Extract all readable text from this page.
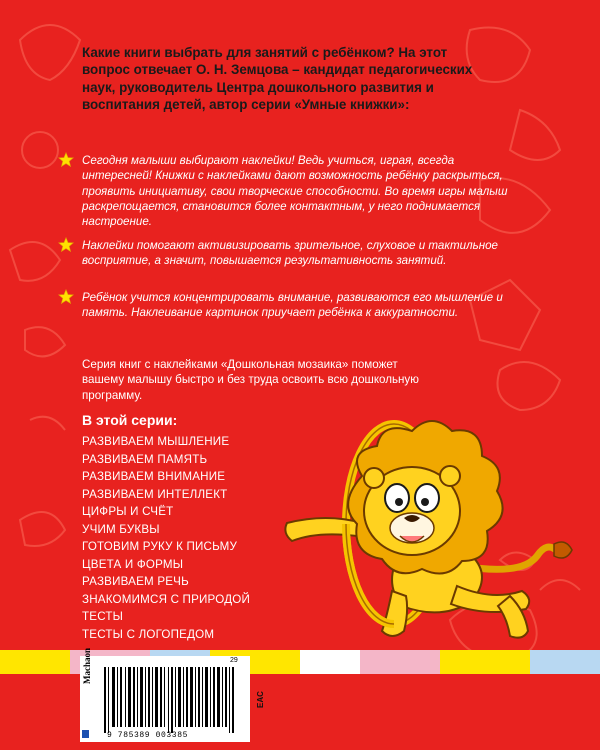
Какие книги выбрать для занятий с ребёнком? На этот вопрос отвечает О. Н. Земцова – кандидат педагогических наук, руководитель Центра дошкольного развития и воспитания детей, автор серии «Умные книжки»:
Сегодня малыши выбирают наклейки! Ведь учиться, играя, всегда интересней! Книжки с наклейками дают возможность ребёнку раскрыться, проявить инициативу, свои творческие способности. Во время игры малыш раскрепощается, становится более контактным, у него поднимается настроение.
Наклейки помогают активизировать зрительное, слуховое и тактильное восприятие, а значит, повышается результативность занятий.
Ребёнок учится концентрировать внимание, развиваются его мышление и память. Наклеивание картинок приучает ребёнка к аккуратности.
Серия книг с наклейками «Дошкольная мозаика» поможет вашему малышу быстро и без труда освоить всю дошкольную программу.
В этой серии:
РАЗВИВАЕМ МЫШЛЕНИЕ
РАЗВИВАЕМ ПАМЯТЬ
РАЗВИВАЕМ ВНИМАНИЕ
РАЗВИВАЕМ ИНТЕЛЛЕКТ
ЦИФРЫ И СЧЁТ
УЧИМ БУКВЫ
ГОТОВИМ РУКУ К ПИСЬМУ
ЦВЕТА И ФОРМЫ
РАЗВИВАЕМ РЕЧЬ
ЗНАКОМИМСЯ С ПРИРОДОЙ
ТЕСТЫ
ТЕСТЫ С ЛОГОПЕДОМ
9 785389 003385
29
Machaon
EAC
